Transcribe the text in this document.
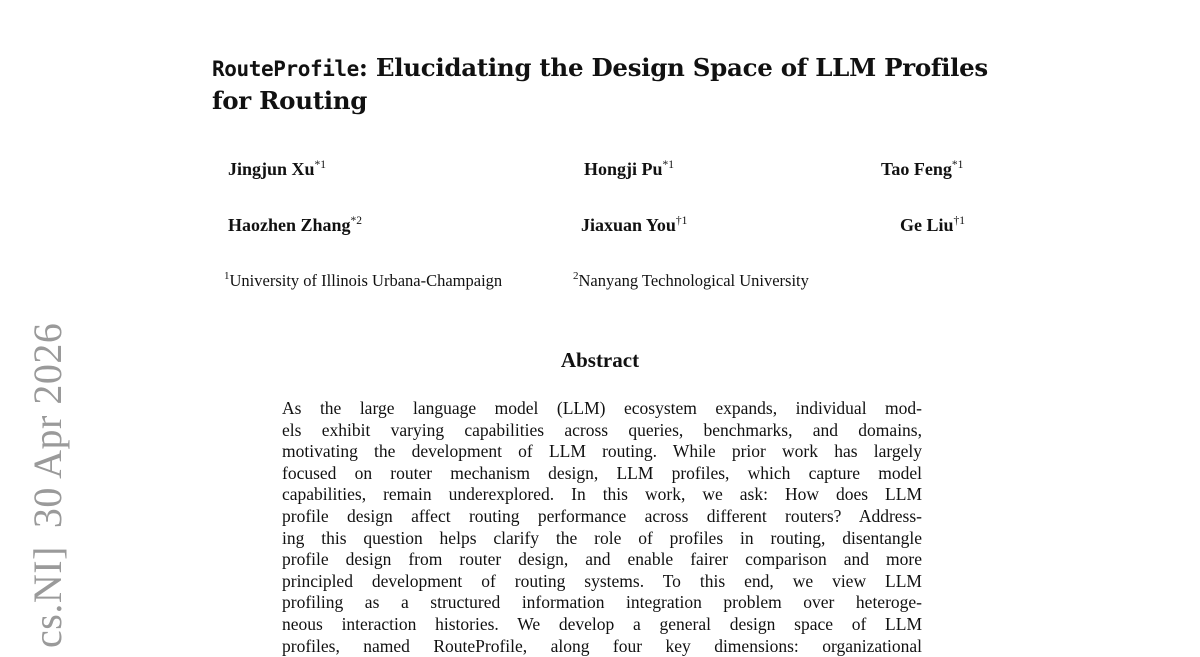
cs.NI]30 Apr 2026
RouteProfile: Elucidating the Design Space of LLM Profiles
for Routing
Jingjun Xu$^{*1}$	Hongji Pu$^{*1}$	Tao Feng$^{*1}$
Haozhen Zhang$^{*2}$	Jiaxuan You$^{\dagger 1}$	Ge Liu$^{\dagger 1}$
$^1$University of Illinois Urbana-Champaign	$^2$Nanyang Technological University
Abstract
As the large language model (LLM) ecosystem expands, individual mod-
els exhibit varying capabilities across queries, benchmarks, and domains,
motivating the development of LLM routing. While prior work has largely
focused on router mechanism design, LLM profiles, which capture model
capabilities, remain underexplored. In this work, we ask: How does LLM
profile design affect routing performance across different routers? Address-
ing this question helps clarify the role of profiles in routing, disentangle
profile design from router design, and enable fairer comparison and more
principled development of routing systems. To this end, we view LLM
profiling as a structured information integration problem over heteroge-
neous interaction histories. We develop a general design space of LLM
profiles, named RouteProfile, along four key dimensions: organizational
